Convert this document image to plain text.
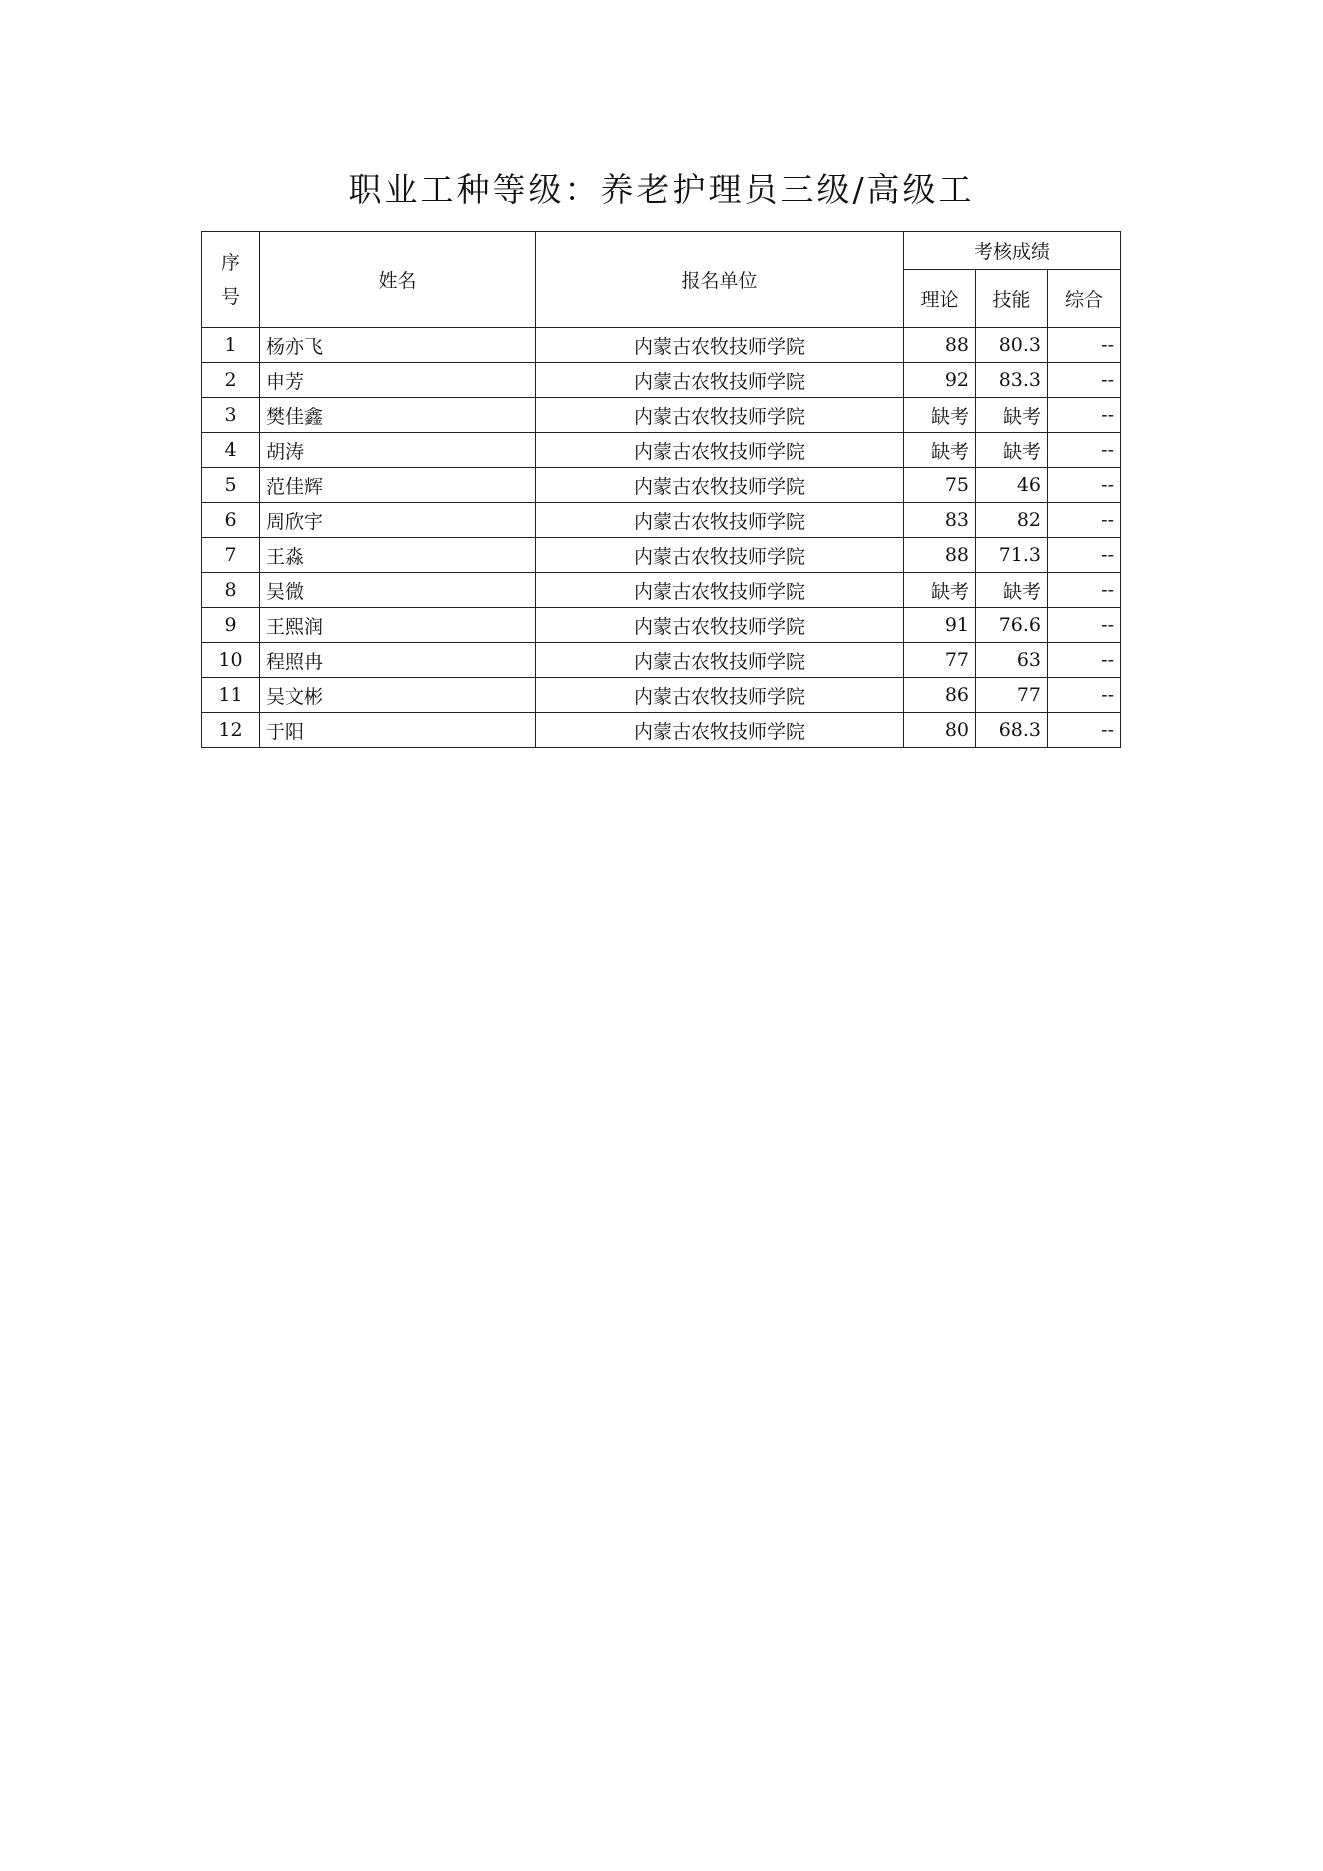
职业工种等级：养老护理员三级/高级工
序
号	姓名	报名单位	考核成绩		
			理论	技能	综合
1	杨亦飞	内蒙古农牧技师学院	88	80.3	--
2	申芳	内蒙古农牧技师学院	92	83.3	--
3	樊佳鑫	内蒙古农牧技师学院	缺考	缺考	--
4	胡涛	内蒙古农牧技师学院	缺考	缺考	--
5	范佳辉	内蒙古农牧技师学院	75	46	--
6	周欣宇	内蒙古农牧技师学院	83	82	--
7	王淼	内蒙古农牧技师学院	88	71.3	--
8	吴微	内蒙古农牧技师学院	缺考	缺考	--
9	王熙润	内蒙古农牧技师学院	91	76.6	--
10	程照冉	内蒙古农牧技师学院	77	63	--
11	吴文彬	内蒙古农牧技师学院	86	77	--
12	于阳	内蒙古农牧技师学院	80	68.3	--
